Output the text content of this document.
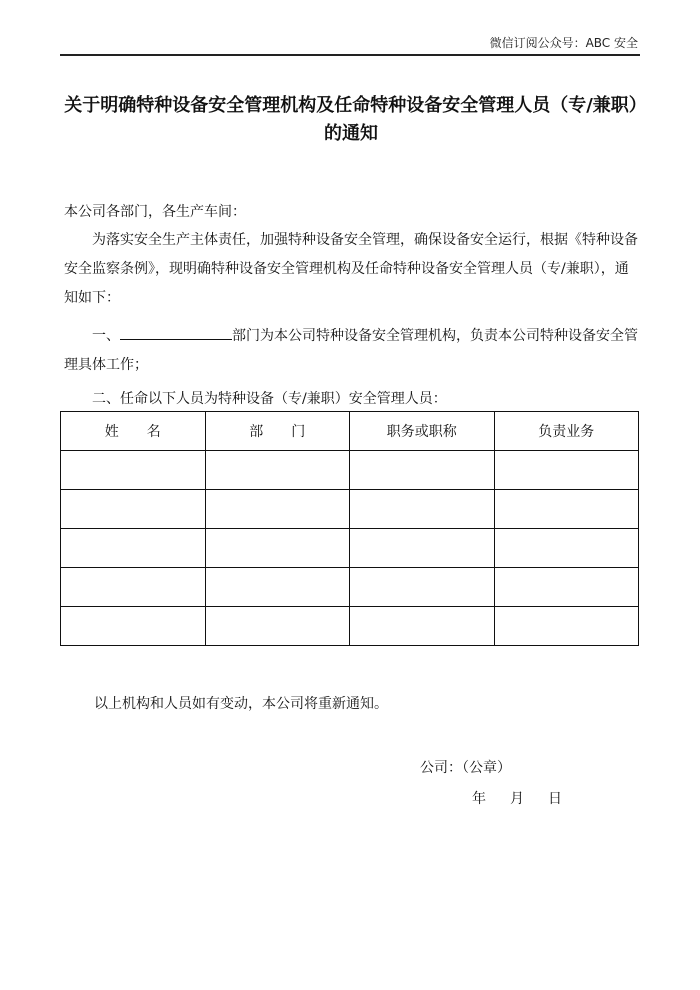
微信订阅公众号：ABC 安全
关于明确特种设备安全管理机构及任命特种设备安全管理人员（专/兼职）的通知

本公司各部门，各生产车间：

为落实安全生产主体责任，加强特种设备安全管理，确保设备安全运行，根据《特种设备安全监察条例》，现明确特种设备安全管理机构及任命特种设备安全管理人员（专/兼职），通知如下：

一、	部门为本公司特种设备安全管理机构，负责本公司特种设备安全管理具体工作；

二、任命以下人员为特种设备（专/兼职）安全管理人员：

姓　　名	部　　门	职务或职称	负责业务

以上机构和人员如有变动，本公司将重新通知。

公司：（公章）
年 月 日
